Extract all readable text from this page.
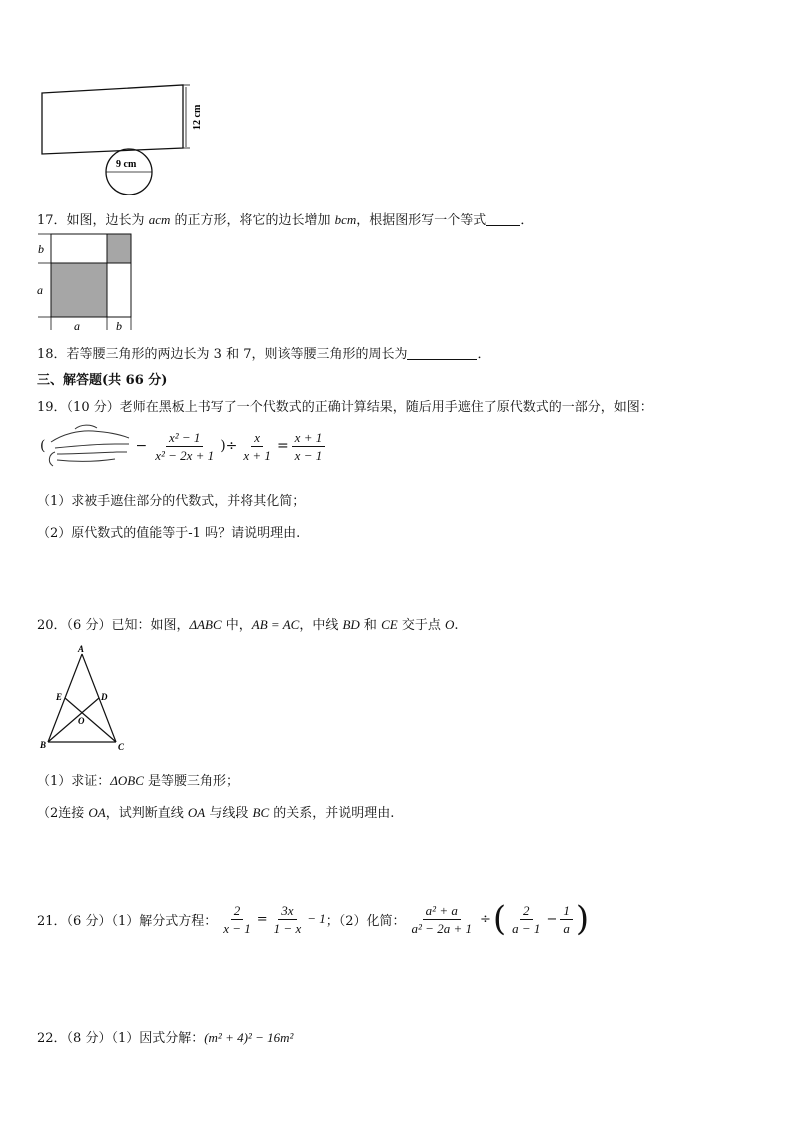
12 cm
9 cm
17．如图，边长为 acm 的正方形，将它的边长增加 bcm，根据图形写一个等式	．
b
a
a	b
18．若等腰三角形的两边长为 3 和 7，则该等腰三角形的周长为	．
三、解答题(共 66 分)
19．（10 分）老师在黑板上书写了一个代数式的正确计算结果，随后用手遮住了原代数式的一部分，如图：
(	− $\frac{\text{x² − 1}}{\text{x² − 2x + 1}}$ )÷ $\frac{x}{x + 1} = \frac{x + 1}{x - 1}$
（1）求被手遮住部分的代数式，并将其化简；
（2）原代数式的值能等于-1 吗？请说明理由.
20．（6 分）已知：如图，ΔABC 中，AB = AC，中线 BD 和 CE 交于点 O.
A
E	D
O
B	C
（1）求证：ΔOBC 是等腰三角形；
（2连接 OA，试判断直线 OA 与线段 BC 的关系，并说明理由.
21．（6 分）（1）解分式方程： $\frac{2}{x - 1} = \frac{3x}{1 - x} - 1$ ；（2）化简： $\frac{\text{a² + a}}{\text{a² − 2a + 1}}$ ÷ ( $\frac{2}{a - 1} - \frac{1}{a}$ )
22．（8 分）（1）因式分解：(m² + 4)² − 16m²
